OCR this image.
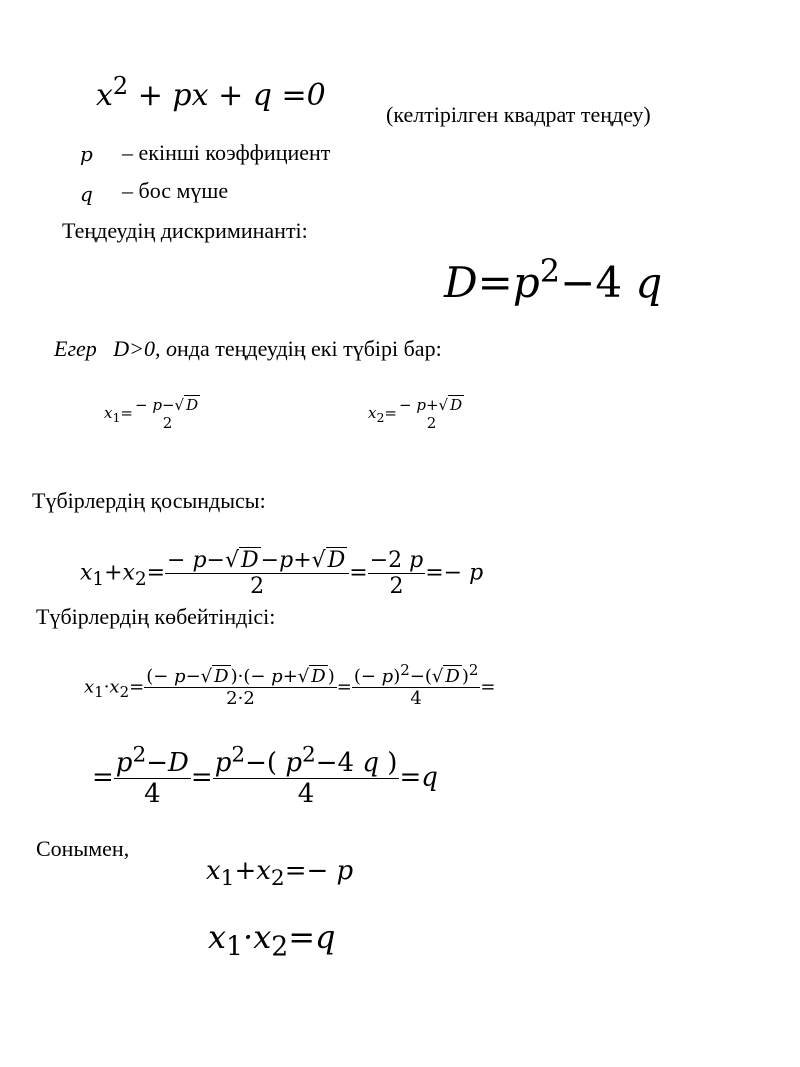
$x^2$ + px + q =0
(келтірілген квадрат теңдеу)
p – екінші коэффициент
q – бос мүше
Теңдеудің дискриминанті:
$D=p^2-4$ q
Егер D>0, онда теңдеудің екі түбірі бар:
$x_1= - p-√$ D
2
$x_2= - p+√$ D
2
Түбірлердің қосындысы:
$x_1+x_2= \frac{- p-√D-p+√D}{2} = \frac{-2 p}{2} =- p$
Түбірлердің көбейтіндісі:
$x_1\cdot x_2= \frac{(- p-√ D )\cdot(- p+√ D )}{2\cdot 2} = \frac{(- p)^2-(√ D )^2}{4}$ =
= $\frac{p^2-D}{4} = \frac{p^2-( p^2-4 q )}{4} =q$
Сонымен,
$x_1+x_2=- p$
$x_1\cdot x_2=q$
